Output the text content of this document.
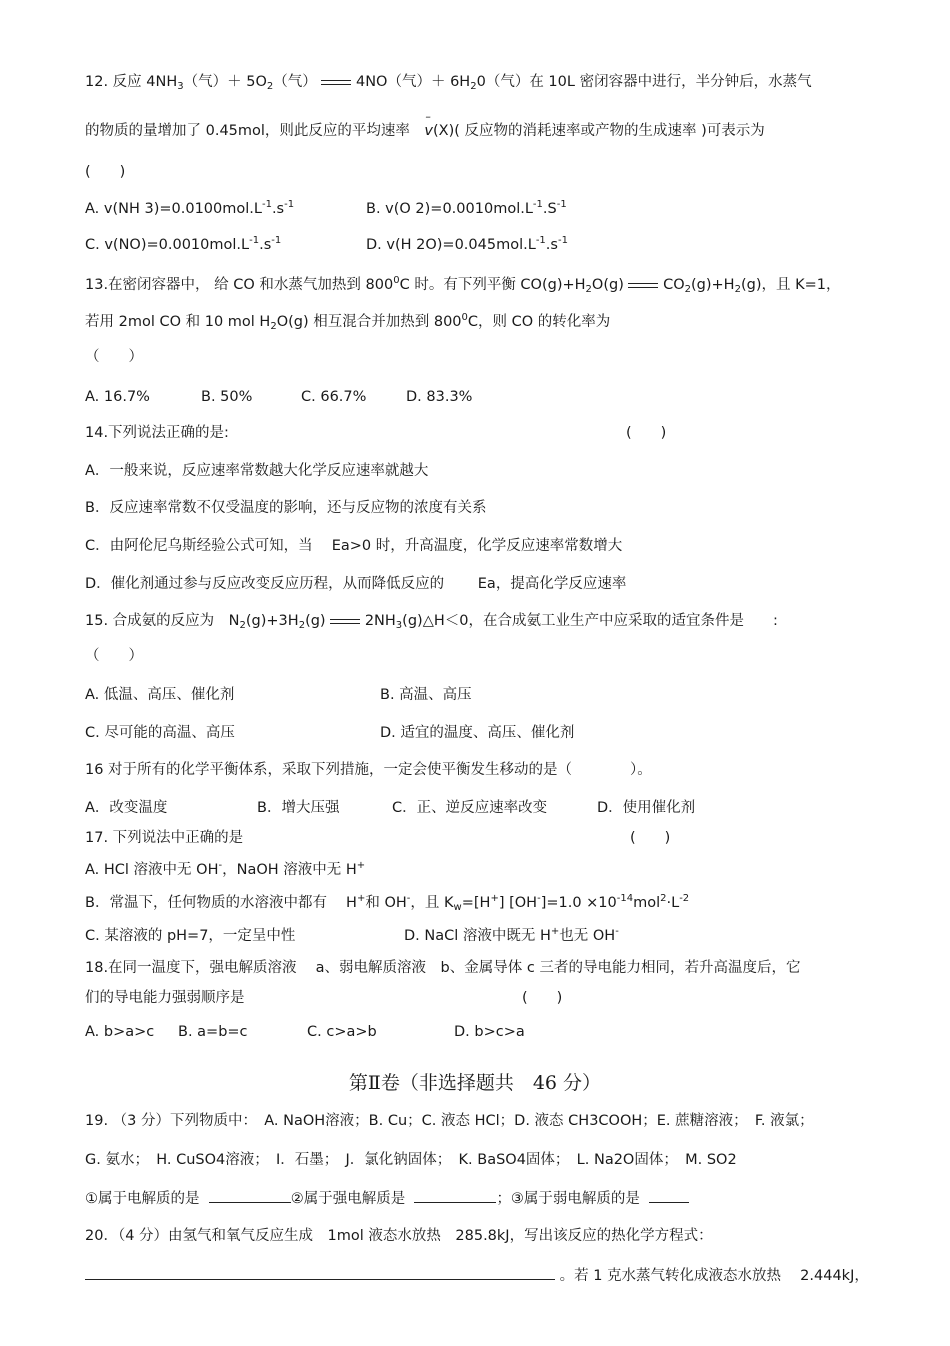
12. 反应 $4NH_3$（气）＋ $5O_2$（气）	4NO（气）＋ $6H_20$（气）在 10L 密闭容器中进行，半分钟后，水蒸气
的物质的量增加了 0.45mol，则此反应的平均速率　 – v(X)( 反应物的消耗速率或产物的生成速率 )可表示为
(　　)
A. v(NH $3)=0.0100mol.L^{-1}.s^{-1}$	B. v(O $2)=0.0010mol.L^{-1}.S^{-1}$
C. $v(NO)=0.0010mol.L^{-1}.s^{-1}$	D. v(H $2O)=0.045mol.L^{-1}.s^{-1}$
13.在密闭容器中， 给 CO 和水蒸气加热到 $800^0C$ 时。有下列平衡 $CO(g)+H_2O(g)$	$CO_2(g)+H_2(g)$，且 K=1，
若用 2mol CO 和 10 mol $H_2O(g)$ 相互混合并加热到 $800^0C$，则 CO 的转化率为
（　　）
A. 16.7%	B. 50%	C. 66.7%	D. 83.3%
14.下列说法正确的是:	(　　)
A．一般来说，反应速率常数越大化学反应速率就越大
B．反应速率常数不仅受温度的影响，还与反应物的浓度有关系
C．由阿伦尼乌斯经验公式可知，当　 Ea>0 时，升高温度，化学反应速率常数增大
D．催化剂通过参与反应改变反应历程，从而降低反应的　　 Ea，提高化学反应速率
15. 合成氨的反应为　$N_2(g)+3H_2(g)$	$2NH_3(g)\triangle H<0$，在合成氨工业生产中应采取的适宜条件是　　:
（　　）
A. 低温、高压、催化剂	B. 高温、高压
C. 尽可能的高温、高压	D. 适宜的温度、高压、催化剂
16 对于所有的化学平衡体系，采取下列措施，一定会使平衡发生移动的是（　　　　）。
A．改变温度	B．增大压强	C．正、逆反应速率改变	D．使用催化剂
17. 下列说法中正确的是	(　　)
A. HCl 溶液中无 OH-，NaOH 溶液中无 H+
B．常温下，任何物质的水溶液中都有　 H+和 OH-，且 $K_w=[H^+]$ $[OH^-]=1.0 \times 10^{-14}mol^2\cdot L^{-2}$
C. 某溶液的 pH=7，一定呈中性	D. NaCl 溶液中既无 H+也无 OH-
18.在同一温度下，强电解质溶液　 a、弱电解质溶液　b、金属导体 c 三者的导电能力相同，若升高温度后，它
们的导电能力强弱顺序是	(　　)
A. b>a>c B. a=b=c	C. c>a>b	D. b>c>a
第Ⅱ卷（非选择题共　46 分）
19. （3 分）下列物质中：　A. NaOH溶液；B. Cu；C. 液态 HCl；D. 液态 CH3COOH；E. 蔗糖溶液；　F. 液氯；
G. 氨水；　H. CuSO4溶液；　I．石墨；　J．氯化钠固体；　K. BaSO4固体；　L. Na2O固体；　M. SO2
①属于电解质的是	②属于强电解质是	；③属于弱电解质的是
20．（4 分）由氢气和氧气反应生成　1mol 液态水放热　285.8kJ，写出该反应的热化学方程式：
。若 1 克水蒸气转化成液态水放热　 2.444kJ，
